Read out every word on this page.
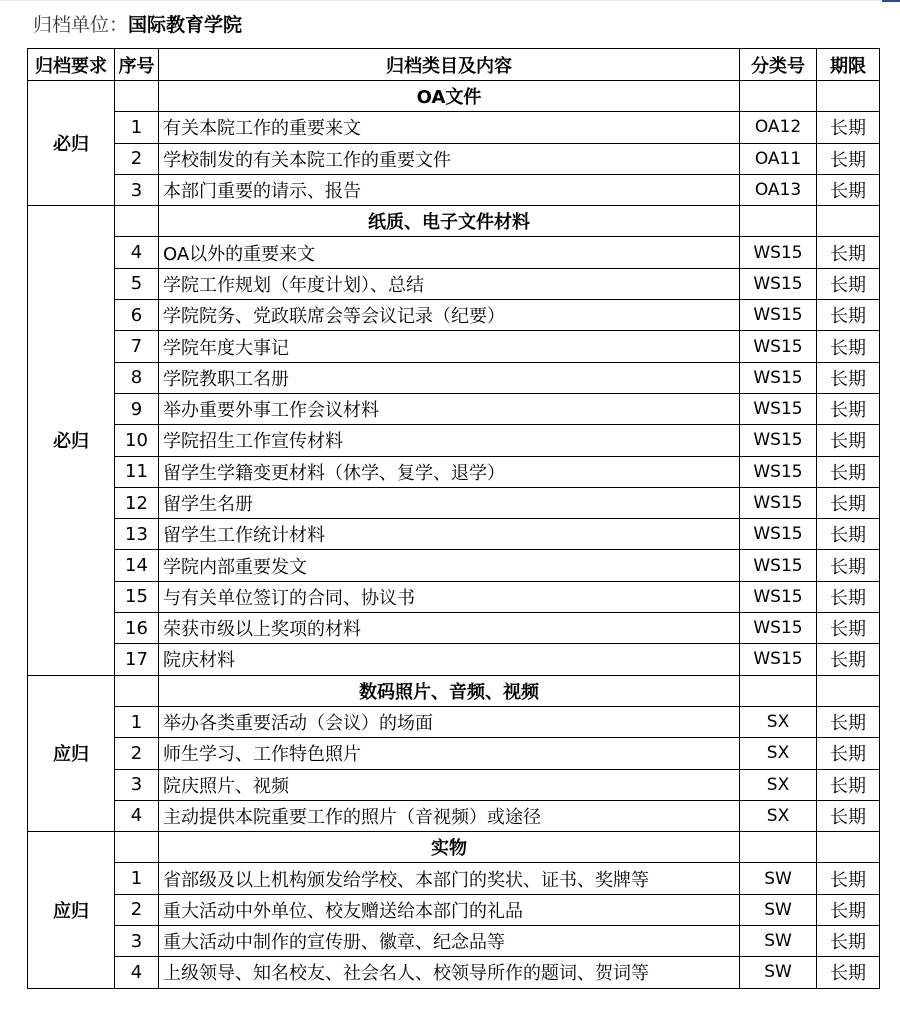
归档单位：国际教育学院
归档要求	序号	归档类目及内容	分类号	期限
必归		OA文件		
	1	有关本院工作的重要来文	OA12	长期
	2	学校制发的有关本院工作的重要文件	OA11	长期
	3	本部门重要的请示、报告	OA13	长期
必归		纸质、电子文件材料		
	4	OA以外的重要来文	WS15	长期
	5	学院工作规划（年度计划）、总结	WS15	长期
	6	学院院务、党政联席会等会议记录（纪要）	WS15	长期
	7	学院年度大事记	WS15	长期
	8	学院教职工名册	WS15	长期
	9	举办重要外事工作会议材料	WS15	长期
	10	学院招生工作宣传材料	WS15	长期
	11	留学生学籍变更材料（休学、复学、退学）	WS15	长期
	12	留学生名册	WS15	长期
	13	留学生工作统计材料	WS15	长期
	14	学院内部重要发文	WS15	长期
	15	与有关单位签订的合同、协议书	WS15	长期
	16	荣获市级以上奖项的材料	WS15	长期
	17	院庆材料	WS15	长期
应归		数码照片、音频、视频		
	1	举办各类重要活动（会议）的场面	SX	长期
	2	师生学习、工作特色照片	SX	长期
	3	院庆照片、视频	SX	长期
	4	主动提供本院重要工作的照片（音视频）或途径	SX	长期
应归		实物		
	1	省部级及以上机构颁发给学校、本部门的奖状、证书、奖牌等	SW	长期
	2	重大活动中外单位、校友赠送给本部门的礼品	SW	长期
	3	重大活动中制作的宣传册、徽章、纪念品等	SW	长期
	4	上级领导、知名校友、社会名人、校领导所作的题词、贺词等	SW	长期
